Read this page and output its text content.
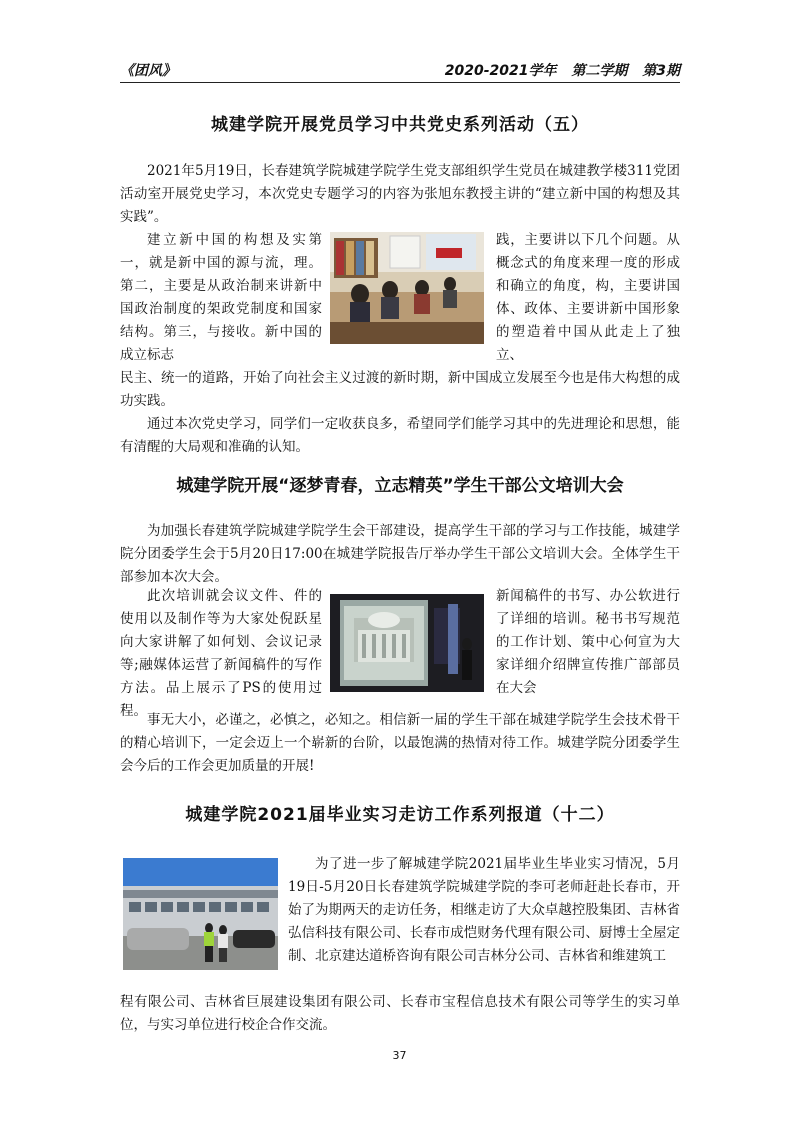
《团风》	2020-2021学年 第二学期 第3期
城建学院开展党员学习中共党史系列活动（五）

2021年5月19日，长春建筑学院城建学院学生党支部组织学生党员在城建教学楼311党团活动室开展党史学习，本次党史专题学习的内容为张旭东教授主讲的“建立新中国的构想及其实践”。

建立新中国的构想及实第一，就是新中国的源与流，理。第二，主要是从政治制来讲新中国政治制度的架政党制度和国家结构。第三，与接收。新中国的成立标志

践，主要讲以下几个问题。从概念式的角度来理一度的形成和确立的角度，构，主要讲国体、政体、主要讲新中国形象的塑造着中国从此走上了独立、

民主、统一的道路，开始了向社会主义过渡的新时期，新中国成立发展至今也是伟大构想的成功实践。

通过本次党史学习，同学们一定收获良多，希望同学们能学习其中的先进理论和思想，能有清醒的大局观和准确的认知。

城建学院开展“逐梦青春，立志精英”学生干部公文培训大会

为加强长春建筑学院城建学院学生会干部建设，提高学生干部的学习与工作技能，城建学院分团委学生会于5月20日17:00在城建学院报告厅举办学生干部公文培训大会。全体学生干部参加本次大会。

此次培训就会议文件、件的使用以及制作等为大家处倪跃星向大家讲解了如何划、会议记录等;融媒体运营了新闻稿件的写作方法。品上展示了PS的使用过程。

新闻稿件的书写、办公软进行了详细的培训。秘书书写规范的工作计划、策中心何宣为大家详细介绍牌宣传推广部部员在大会

事无大小，必谨之，必慎之，必知之。相信新一届的学生干部在城建学院学生会技术骨干的精心培训下，一定会迈上一个崭新的台阶，以最饱满的热情对待工作。城建学院分团委学生会今后的工作会更加质量的开展!

城建学院2021届毕业实习走访工作系列报道（十二）

为了进一步了解城建学院2021届毕业生毕业实习情况，5月19日-5月20日长春建筑学院城建学院的李可老师赶赴长春市，开始了为期两天的走访任务，相继走访了大众卓越控股集团、吉林省弘信科技有限公司、长春市成恺财务代理有限公司、厨博士全屋定制、北京建达道桥咨询有限公司吉林分公司、吉林省和维建筑工

程有限公司、吉林省巨展建设集团有限公司、长春市宝程信息技术有限公司等学生的实习单位，与实习单位进行校企合作交流。

37
